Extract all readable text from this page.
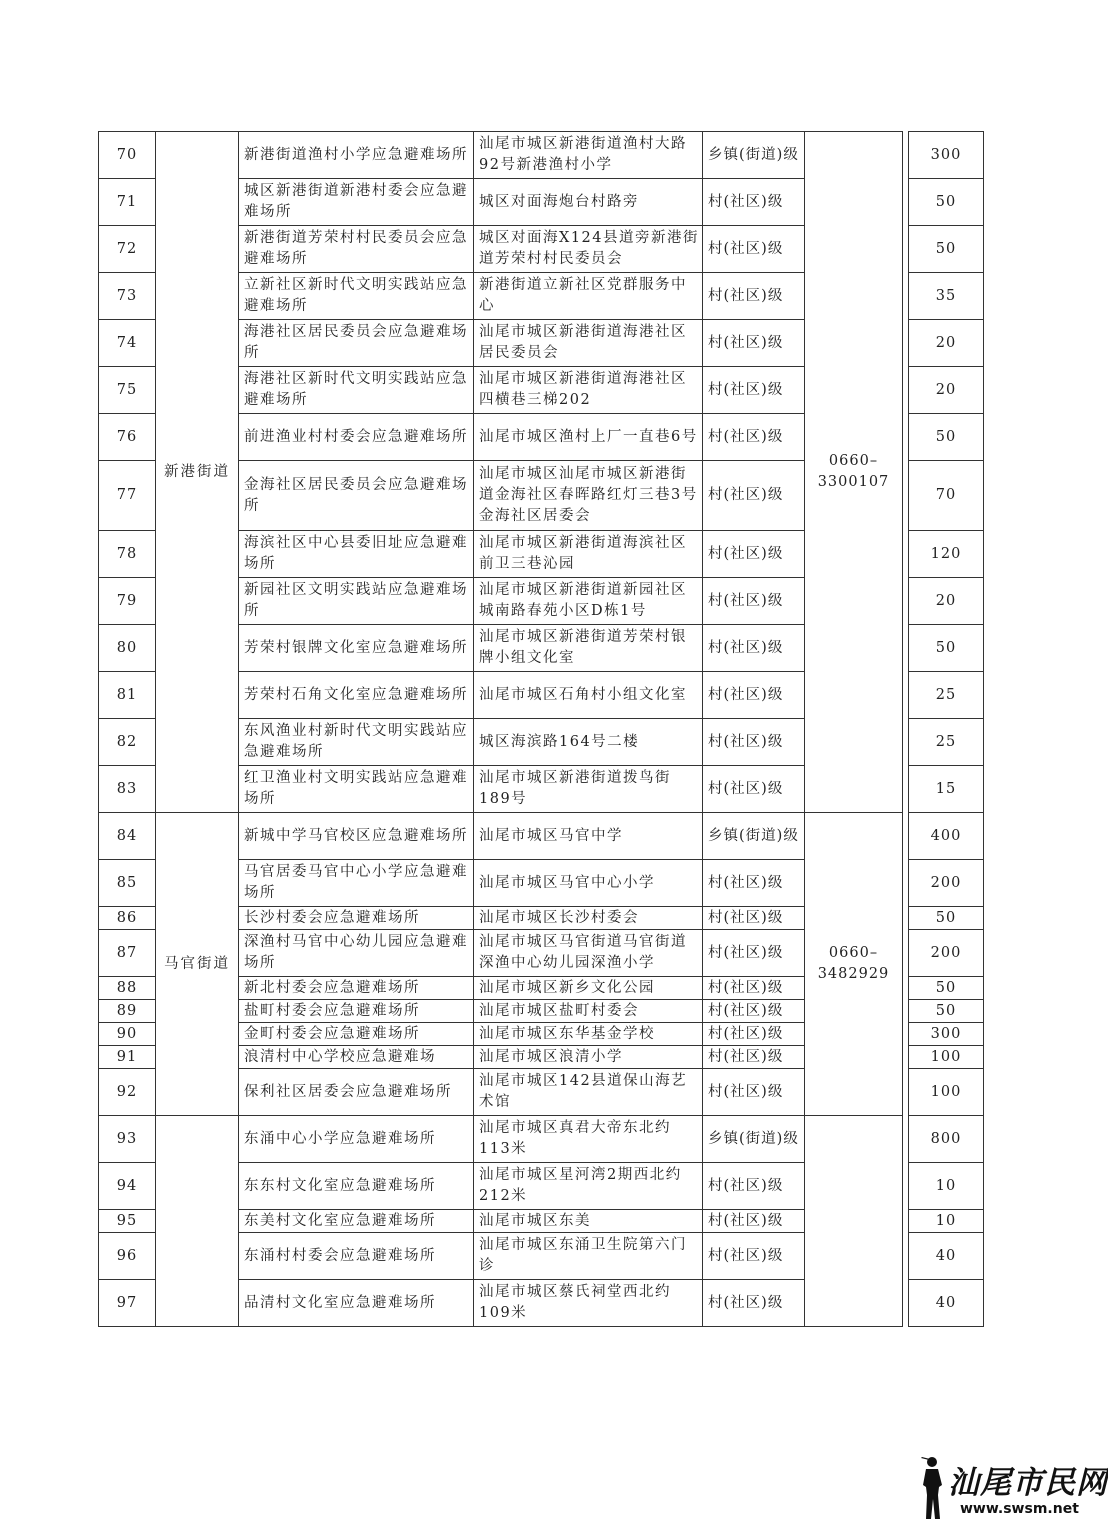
70	新港街道	新港街道渔村小学应急避难场所	汕尾市城区新港街道渔村大路92号新港渔村小学	乡镇(街道)级	0660–3300107		300
71		城区新港街道新港村委会应急避难场所	城区对面海炮台村路旁	村(社区)级			50
72		新港街道芳荣村村民委员会应急避难场所	城区对面海X124县道旁新港街道芳荣村村民委员会	村(社区)级			50
73		立新社区新时代文明实践站应急避难场所	新港街道立新社区党群服务中心	村(社区)级			35
74		海港社区居民委员会应急避难场所	汕尾市城区新港街道海港社区居民委员会	村(社区)级			20
75		海港社区新时代文明实践站应急避难场所	汕尾市城区新港街道海港社区四横巷三梯202	村(社区)级			20
76		前进渔业村村委会应急避难场所	汕尾市城区渔村上厂一直巷6号	村(社区)级			50
77		金海社区居民委员会应急避难场所	汕尾市城区汕尾市城区新港街道金海社区春晖路红灯三巷3号金海社区居委会	村(社区)级			70
78		海滨社区中心县委旧址应急避难场所	汕尾市城区新港街道海滨社区前卫三巷沁园	村(社区)级			120
79		新园社区文明实践站应急避难场所	汕尾市城区新港街道新园社区城南路春苑小区D栋1号	村(社区)级			20
80		芳荣村银牌文化室应急避难场所	汕尾市城区新港街道芳荣村银牌小组文化室	村(社区)级			50
81		芳荣村石角文化室应急避难场所	汕尾市城区石角村小组文化室	村(社区)级			25
82		东风渔业村新时代文明实践站应急避难场所	城区海滨路164号二楼	村(社区)级			25
83		红卫渔业村文明实践站应急避难场所	汕尾市城区新港街道拨鸟街189号	村(社区)级			15
84	马官街道	新城中学马官校区应急避难场所	汕尾市城区马官中学	乡镇(街道)级	0660–3482929		400
85		马官居委马官中心小学应急避难场所	汕尾市城区马官中心小学	村(社区)级			200
86		长沙村委会应急避难场所	汕尾市城区长沙村委会	村(社区)级			50
87		深渔村马官中心幼儿园应急避难场所	汕尾市城区马官街道马官街道深渔中心幼儿园深渔小学	村(社区)级			200
88		新北村委会应急避难场所	汕尾市城区新乡文化公园	村(社区)级			50
89		盐町村委会应急避难场所	汕尾市城区盐町村委会	村(社区)级			50
90		金町村委会应急避难场所	汕尾市城区东华基金学校	村(社区)级			300
91		浪清村中心学校应急避难场	汕尾市城区浪清小学	村(社区)级			100
92		保利社区居委会应急避难场所	汕尾市城区142县道保山海艺术馆	村(社区)级			100
93		东涌中心小学应急避难场所	汕尾市城区真君大帝东北约113米	乡镇(街道)级			800
94		东东村文化室应急避难场所	汕尾市城区星河湾2期西北约212米	村(社区)级			10
95		东美村文化室应急避难场所	汕尾市城区东美	村(社区)级			10
96		东涌村村委会应急避难场所	汕尾市城区东涌卫生院第六门诊	村(社区)级			40
97		品清村文化室应急避难场所	汕尾市城区蔡氏祠堂西北约109米	村(社区)级			40
汕尾市民网
www.swsm.net
